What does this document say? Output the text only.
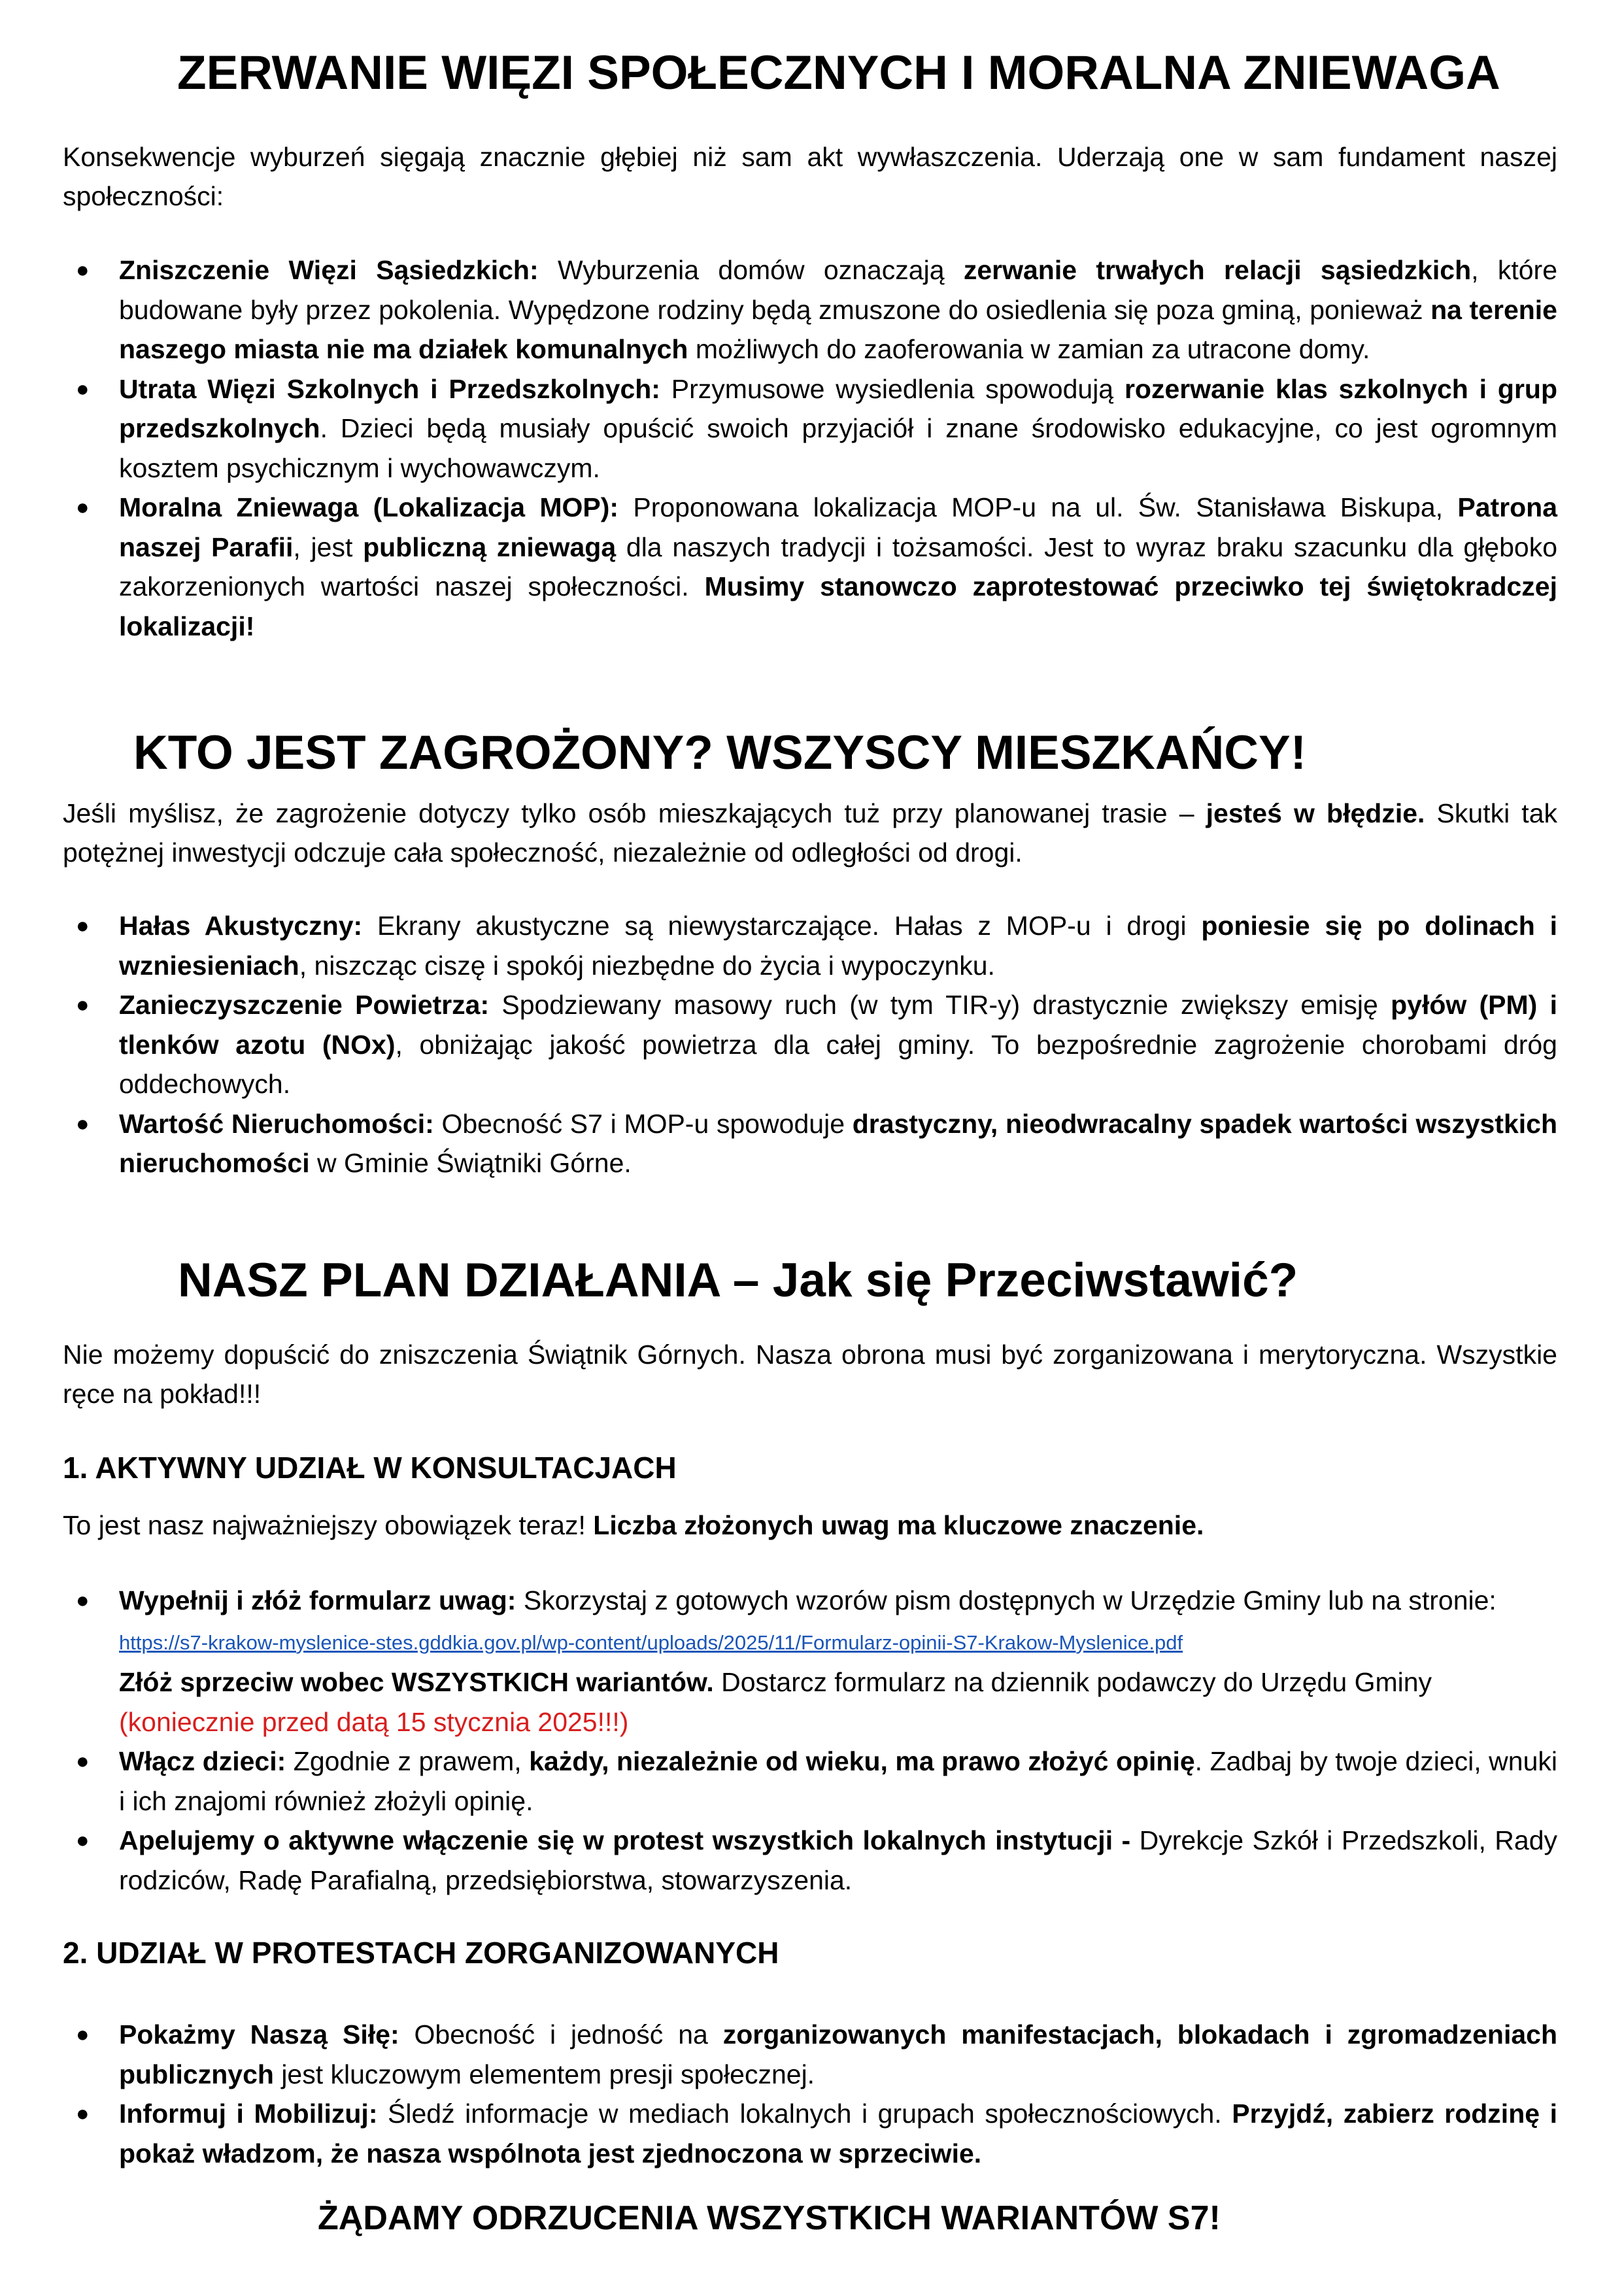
ZERWANIE WIĘZI SPOŁECZNYCH I MORALNA ZNIEWAGA

Konsekwencje wyburzeń sięgają znacznie głębiej niż sam akt wywłaszczenia. Uderzają one w sam fundament naszej społeczności:

● Zniszczenie Więzi Sąsiedzkich: Wyburzenia domów oznaczają zerwanie trwałych relacji sąsiedzkich, które budowane były przez pokolenia. Wypędzone rodziny będą zmuszone do osiedlenia się poza gminą, ponieważ na terenie naszego miasta nie ma działek komunalnych możliwych do zaoferowania w zamian za utracone domy.
● Utrata Więzi Szkolnych i Przedszkolnych: Przymusowe wysiedlenia spowodują rozerwanie klas szkolnych i grup przedszkolnych. Dzieci będą musiały opuścić swoich przyjaciół i znane środowisko edukacyjne, co jest ogromnym kosztem psychicznym i wychowawczym.
● Moralna Zniewaga (Lokalizacja MOP): Proponowana lokalizacja MOP-u na ul. Św. Stanisława Biskupa, Patrona naszej Parafii, jest publiczną zniewagą dla naszych tradycji i tożsamości. Jest to wyraz braku szacunku dla głęboko zakorzenionych wartości naszej społeczności. Musimy stanowczo zaprotestować przeciwko tej świętokradczej lokalizacji!
KTO JEST ZAGROŻONY? WSZYSCY MIESZKAŃCY!

Jeśli myślisz, że zagrożenie dotyczy tylko osób mieszkających tuż przy planowanej trasie – jesteś w błędzie. Skutki tak potężnej inwestycji odczuje cała społeczność, niezależnie od odległości od drogi.

● Hałas Akustyczny: Ekrany akustyczne są niewystarczające. Hałas z MOP-u i drogi poniesie się po dolinach i wzniesieniach, niszcząc ciszę i spokój niezbędne do życia i wypoczynku.
● Zanieczyszczenie Powietrza: Spodziewany masowy ruch (w tym TIR-y) drastycznie zwiększy emisję pyłów (PM) i tlenków azotu (NOx), obniżając jakość powietrza dla całej gminy. To bezpośrednie zagrożenie chorobami dróg oddechowych.
● Wartość Nieruchomości: Obecność S7 i MOP-u spowoduje drastyczny, nieodwracalny spadek wartości wszystkich nieruchomości w Gminie Świątniki Górne.
NASZ PLAN DZIAŁANIA – Jak się Przeciwstawić?

Nie możemy dopuścić do zniszczenia Świątnik Górnych. Nasza obrona musi być zorganizowana i merytoryczna. Wszystkie ręce na pokład!!!

1. AKTYWNY UDZIAŁ W KONSULTACJACH

To jest nasz najważniejszy obowiązek teraz! Liczba złożonych uwag ma kluczowe znaczenie.

● Wypełnij i złóż formularz uwag: Skorzystaj z gotowych wzorów pism dostępnych w Urzędzie Gminy lub na stronie: https://s7-krakow-myslenice-stes.gddkia.gov.pl/wp-content/uploads/2025/11/Formularz-opinii-S7-Krakow-Myslenice.pdf
Złóż sprzeciw wobec WSZYSTKICH wariantów. Dostarcz formularz na dziennik podawczy do Urzędu Gminy (koniecznie przed datą 15 stycznia 2025!!!)
● Włącz dzieci: Zgodnie z prawem, każdy, niezależnie od wieku, ma prawo złożyć opinię. Zadbaj by twoje dzieci, wnuki i ich znajomi również złożyli opinię.
● Apelujemy o aktywne włączenie się w protest wszystkich lokalnych instytucji - Dyrekcje Szkół i Przedszkoli, Rady rodziców, Radę Parafialną, przedsiębiorstwa, stowarzyszenia.
2. UDZIAŁ W PROTESTACH ZORGANIZOWANYCH
● Pokażmy Naszą Siłę: Obecność i jedność na zorganizowanych manifestacjach, blokadach i zgromadzeniach publicznych jest kluczowym elementem presji społecznej.
● Informuj i Mobilizuj: Śledź informacje w mediach lokalnych i grupach społecznościowych. Przyjdź, zabierz rodzinę i pokaż władzom, że nasza wspólnota jest zjednoczona w sprzeciwie.
ŻĄDAMY ODRZUCENIA WSZYSTKICH WARIANTÓW S7!
